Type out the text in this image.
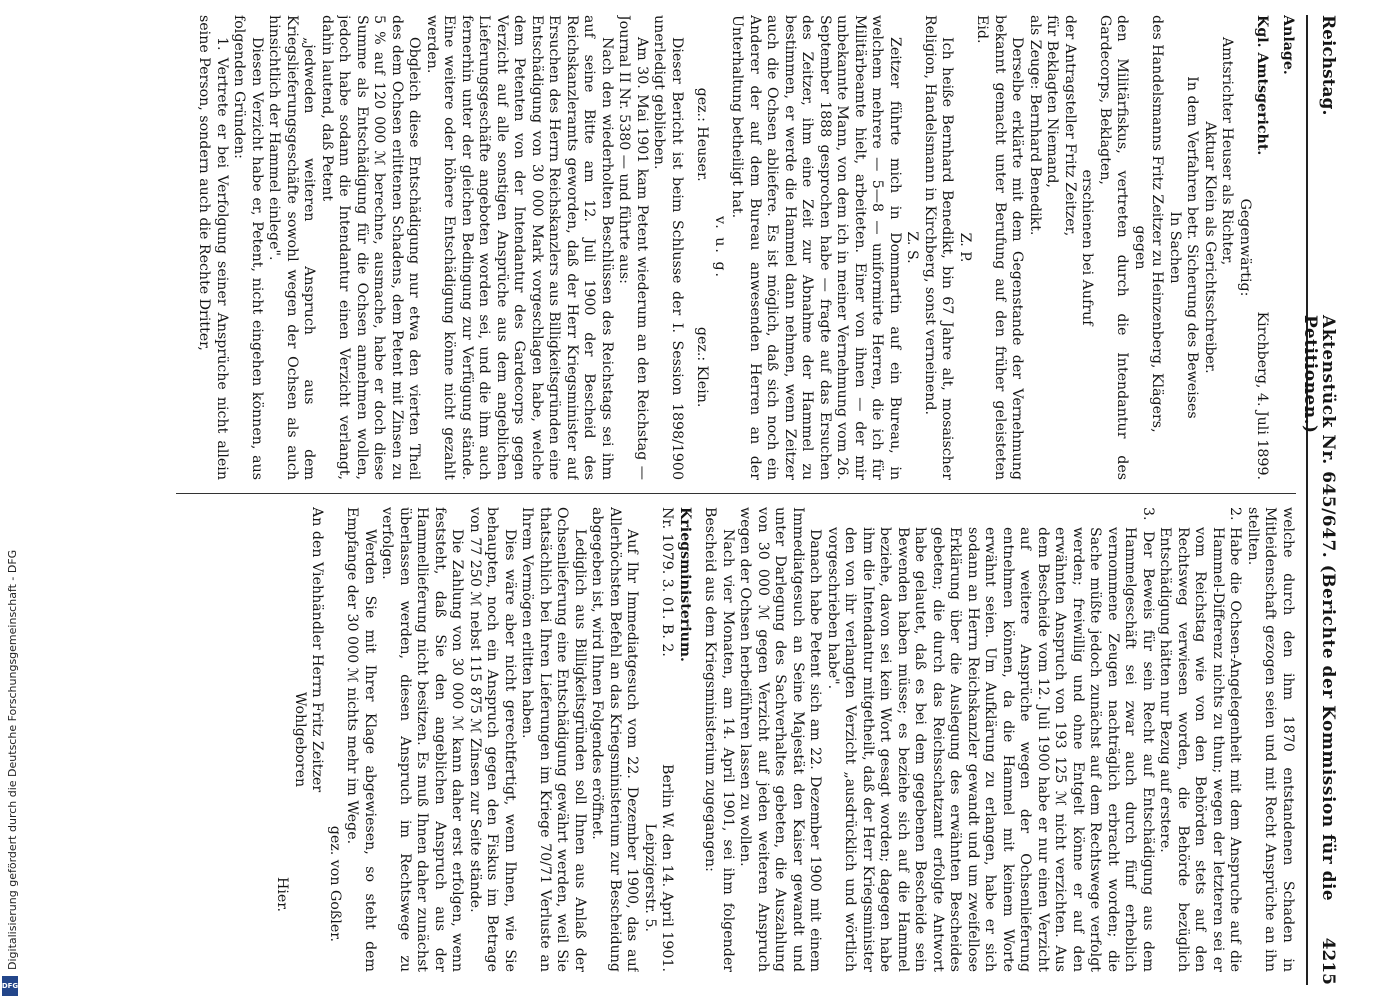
Digitalisierung gefördert durch die Deutsche Forschungsgemeinschaft - DFG
DFG
Reichstag.
Aktenstück Nr. 645/647. (Berichte der Kommission für die Petitionen.)
4215

Anlage.

Kgl. Amtsgericht.
Kirchberg, 4. Juli 1899.

Gegenwärtig:

Amtsrichter Heuser als Richter,

Aktuar Klein als Gerichtsschreiber.

In dem Verfahren betr. Sicherung des Beweises

In Sachen

des Handelsmanns Fritz Zeitzer zu Heinzenberg, Klägers,

gegen

den Militärfiskus, vertreten durch die Intendantur des Gardecorps, Beklagten,

erschienen bei Aufruf

der Antragsteller Fritz Zeitzer,

für Beklagten Niemand,

als Zeuge: Bernhard Benedikt.

Derselbe erklärte mit dem Gegenstande der Vernehmung bekannt gemacht unter Berufung auf den früher geleisteten Eid.

Z. P.

Ich heiße Bernhard Benedikt, bin 67 Jahre alt, mosaischer Religion, Handelsmann in Kirchberg, sonst verneinend.

Z. S.

Zeitzer führte mich in Dommartin auf ein Bureau, in welchem mehrere — 5—8 — uniformirte Herren, die ich für Militärbeamte hielt, arbeiteten. Einer von ihnen — der mir unbekannte Mann, von dem ich in meiner Vernehmung vom 26. September 1888 gesprochen habe — fragte auf das Ersuchen des Zeitzer, ihm eine Zeit zur Abnahme der Hammel zu bestimmen, er werde die Hammel dann nehmen, wenn Zeitzer auch die Ochsen abliefere. Es ist möglich, daß sich noch ein Anderer der auf dem Bureau anwesenden Herren an der Unterhaltung betheiligt hat.

v. u. g.

gez.: Heuser.
gez.: Klein.

Dieser Bericht ist beim Schlusse der I. Session 1898/1900 unerledigt geblieben.

Am 30. Mai 1901 kam Petent wiederum an den Reichstag — Journal II Nr. 5380 — und führte aus:

Nach den wiederholten Beschlüssen des Reichstags sei ihm auf seine Bitte am 12. Juli 1900 der Bescheid des Reichskanzleramts geworden, daß der Herr Kriegsminister auf Ersuchen des Herrn Reichskanzlers aus Billigkeitsgründen eine Entschädigung von 30 000 Mark vorgeschlagen habe, welche dem Petenten von der Intendantur des Gardecorps gegen Verzicht auf alle sonstigen Ansprüche aus dem angeblichen Lieferungsgeschäfte angeboten worden sei, und die ihm auch fernerhin unter der gleichen Bedingung zur Verfügung stände. Eine weitere oder höhere Entschädigung könne nicht gezahlt werden.

Obgleich diese Entschädigung nur etwa den vierten Theil des dem Ochsen erlittenen Schadens, dem Petent mit Zinsen zu 5 % auf 120 000 ℳ berechne, ausmache, habe er doch diese Summe als Entschädigung für die Ochsen annehmen wollen, jedoch habe sodann die Intendantur einen Verzicht verlangt, dahin lautend, daß Petent

„jedweden weiteren Anspruch aus dem Kriegslieferungsgeschäfte sowohl wegen der Ochsen als auch hinsichtlich der Hammel einlege".

Diesen Verzicht habe er, Petent, nicht eingehen können, aus folgenden Gründen:

1. Vertrete er bei Verfolgung seiner Ansprüche nicht allein seine Person, sondern auch die Rechte Dritter,

welche durch den ihm 1870 entstandenen Schaden in Mitleidenschaft gezogen seien und mit Recht Ansprüche an ihn stellten.

2. Habe die Ochsen-Angelegenheit mit dem Anspruche auf die Hammel-Differenz nichts zu thun; wegen der letzteren sei er vom Reichstag wie von den Behörden stets auf den Rechtsweg verwiesen worden, die Behörde bezüglich Entschädigung hätten nur Bezug auf erstere.

3. Der Beweis für sein Recht auf Entschädigung aus dem Hammelgeschäft sei zwar auch durch fünf erheblich vernommene Zeugen nachträglich erbracht worden; die Sache müßte jedoch zunächst auf dem Rechtswege verfolgt werden; freiwillig und ohne Entgelt könne er auf den erwähnten Anspruch von 193 125 ℳ nicht verzichten. Aus dem Bescheide vom 12. Juli 1900 habe er nur einen Verzicht auf weitere Ansprüche wegen der Ochsenlieferung entnehmen können, da die Hammel mit keinem Worte erwähnt seien. Um Aufklärung zu erlangen, habe er sich sodann an Herrn Reichskanzler gewandt und um zweifellose Erklärung über die Auslegung des erwähnten Bescheides gebeten; die durch das Reichsschatzamt erfolgte Antwort habe gelautet, daß es bei dem gegebenen Bescheide sein Bewenden haben müsse; es beziehe sich auf die Hammel beziehe, davon sei kein Wort gesagt worden; dagegen habe ihm die Intendantur mitgetheilt, daß der Herr Kriegsminister den von ihr verlangten Verzicht „ausdrücklich und wörtlich vorgeschrieben habe".

Danach habe Petent sich am 22. Dezember 1900 mit einem Immediatgesuch an Seine Majestät den Kaiser gewandt und unter Darlegung des Sachverhaltes gebeten, die Auszahlung von 30 000 ℳ gegen Verzicht auf jeden weiteren Anspruch wegen der Ochsen herbeiführen lassen zu wollen.

Nach vier Monaten, am 14. April 1901, sei ihm folgender Bescheid aus dem Kriegsministerium zugegangen:

Kriegsministerium.

Nr. 1079. 3. 01. B. 2.
Berlin W. den 14. April 1901.

Leipzigerstr. 5.

Auf Ihr Immediatgesuch vom 22. Dezember 1900, das auf Allerhöchsten Befehl an das Kriegsministerium zur Bescheidung abgegeben ist, wird Ihnen Folgendes eröffnet.

Lediglich aus Billigkeitsgründen soll Ihnen aus Anlaß der Ochsenlieferung eine Entschädigung gewährt werden, weil Sie thatsächlich bei Ihren Lieferungen im Kriege 70/71 Verluste an Ihrem Vermögen erlitten haben.

Dies wäre aber nicht gerechtfertigt, wenn Ihnen, wie Sie behaupten, noch ein Anspruch gegen den Fiskus im Betrage von 77 250 ℳ nebst 115 875 ℳ Zinsen zur Seite stände.

Die Zahlung von 30 000 ℳ kann daher erst erfolgen, wenn feststeht, daß Sie den angeblichen Anspruch aus der Hammellieferung nicht besitzen. Es muß Ihnen daher zunächst überlassen werden, diesen Anspruch im Rechtswege zu verfolgen.

Werden Sie mit Ihrer Klage abgewiesen, so steht dem Empfange der 30 000 ℳ nichts mehr im Wege.

gez. von Goßler.

An den Viehhändler Herrn Fritz Zeitzer

Wohlgeboren

Hier.
